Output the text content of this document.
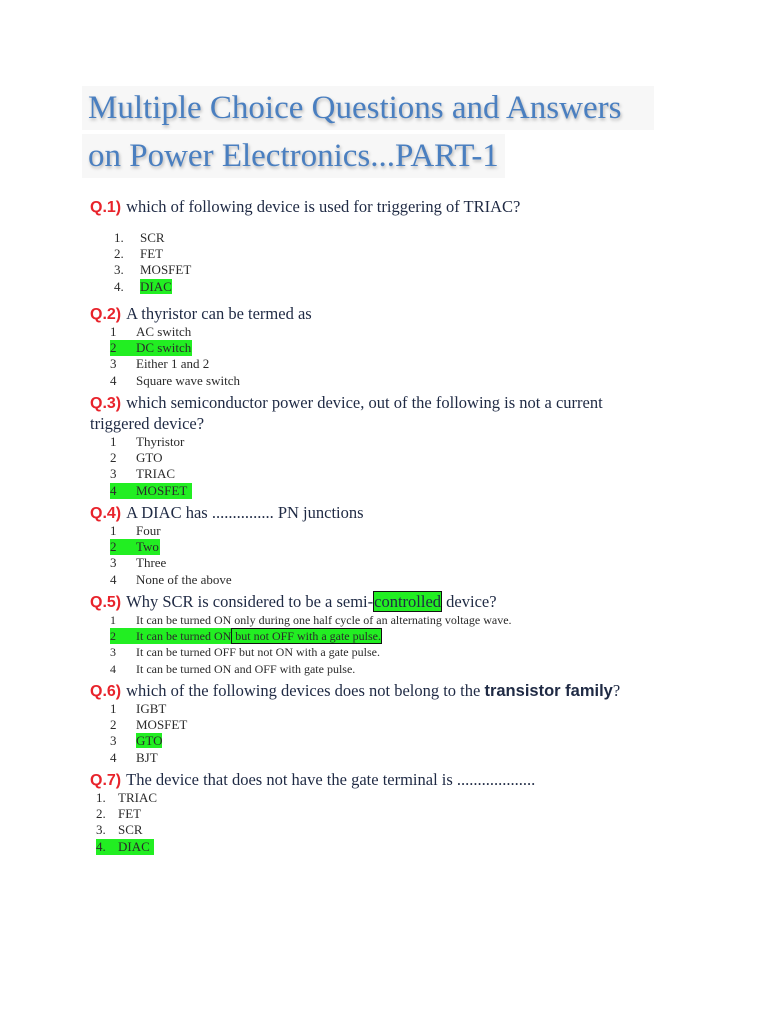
Multiple Choice Questions and Answers
on Power Electronics...PART-1
Q.1) which of following device is used for triggering of TRIAC?
1. SCR
2. FET
3. MOSFET
4. DIAC
Q.2) A thyristor can be termed as
1 AC switch
2 DC switch
3 Either 1 and 2
4 Square wave switch
Q.3) which semiconductor power device, out of the following is not a current
triggered device?
1 Thyristor
2 GTO
3 TRIAC
4 MOSFET
Q.4) A DIAC has ............... PN junctions
1 Four
2 Two
3 Three
4 None of the above
Q.5) Why SCR is considered to be a semi-controlled device?
1 It can be turned ON only during one half cycle of an alternating voltage wave.
2 It can be turned ON but not OFF with a gate pulse.
3 It can be turned OFF but not ON with a gate pulse.
4 It can be turned ON and OFF with gate pulse.
Q.6) which of the following devices does not belong to the transistor family?
1 IGBT
2 MOSFET
3 GTO
4 BJT
Q.7) The device that does not have the gate terminal is ...................
1. TRIAC
2. FET
3. SCR
4. DIAC
